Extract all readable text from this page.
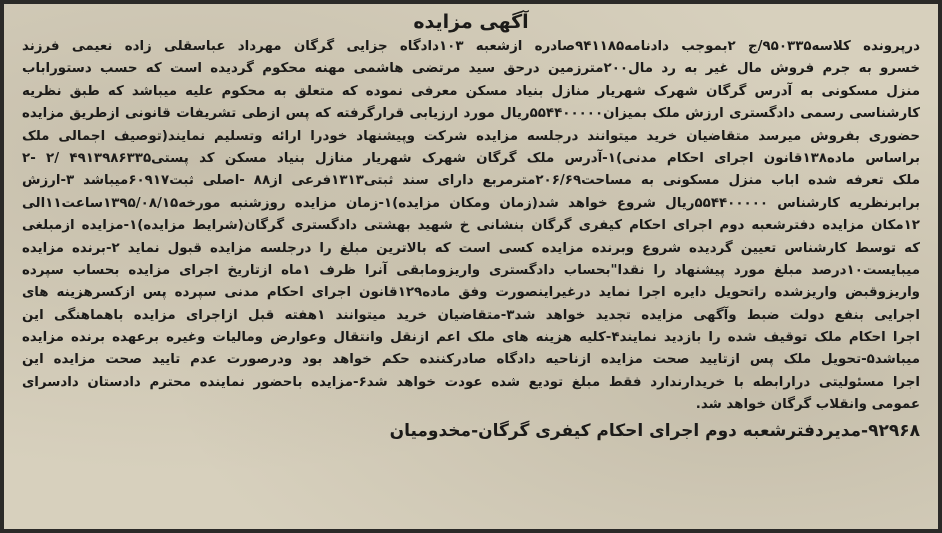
آگهی مزایده
درپرونده کلاسه۹۵۰۳۳۵/ج ۲بموجب دادنامه۹۴۱۱۸۵صادره ازشعبه ۱۰۳دادگاه جزایی گرگان مهرداد عباسقلی زاده نعیمی فرزند
خسرو به جرم فروش مال غیر به رد مال۲۰۰مترزمین درحق سید مرتضی هاشمی مهنه محکوم گردیده است که حسب دستوراباب
منزل مسکونی به آدرس گرگان شهرک شهریار منازل بنیاد مسکن معرفی نموده که متعلق به محکوم علیه میباشد که طبق نظریه
کارشناسی رسمی دادگستری ارزش ملک بمیزان۵۵۴۴۰۰۰۰۰ریال مورد ارزیابی قرارگرفته که پس ازطی تشریفات قانونی ازطریق مزایده
حضوری بفروش میرسد متقاضیان خرید میتوانند درجلسه مزایده شرکت وپیشنهاد خودرا ارائه وتسلیم نمایند(توصیف اجمالی ملک
براساس ماده۱۳۸قانون اجرای احکام مدنی)۱-آدرس ملک گرگان شهرک شهریار منازل بنیاد مسکن کد پستی۴۹۱۳۹۸۶۳۳۵ /۲ -۲
ملک تعرفه شده اباب منزل مسکونی به مساحت۲۰۶/۶۹مترمربع دارای سند ثبتی۱۳۱۳فرعی از۸۸ -اصلی ثبت۶۰۹۱۷میباشد ۳-ارزش
برابرنظریه کارشناس ۵۵۴۴۰۰۰۰۰ریال شروع خواهد شد(زمان ومکان مزایده)۱-زمان مزایده روزشنبه مورخه۱۳۹۵/۰۸/۱۵ساعت۱۱الی
۱۲مکان مزایده دفترشعبه دوم اجرای احکام کیفری گرگان بنشانی خ شهید بهشتی دادگستری گرگان(شرایط مزایده)۱-مزایده ازمبلغی
که توسط کارشناس تعیین گردیده شروع وبرنده مزایده کسی است که بالاترین مبلغ را درجلسه مزایده قبول نماید ۲-برنده مزایده
میبایست۱۰درصد مبلغ مورد پیشنهاد را نقدا"بحساب دادگستری واریزومابقی آنرا ظرف ۱ماه ازتاریخ اجرای مزایده بحساب سپرده
واریزوقبض واریزشده راتحویل دایره اجرا نماید درغیراینصورت وفق ماده۱۲۹قانون اجرای احکام مدنی سپرده پس ازکسرهزینه های
اجرایی بنفع دولت ضبط وآگهی مزایده تجدید خواهد شد۳-متقاضیان خرید میتوانند ۱هفته قبل ازاجرای مزایده باهماهنگی این
اجرا احکام ملک توقیف شده را بازدید نمایند۴-کلیه هزینه های ملک اعم ازنقل وانتقال وعوارض ومالیات وغیره برعهده برنده مزایده
میباشد۵-تحویل ملک پس ازتایید صحت مزایده ازناحیه دادگاه صادرکننده حکم خواهد بود ودرصورت عدم تایید صحت مزایده این
اجرا مسئولیتی درارابطه با خریدارندارد فقط مبلغ تودیع شده عودت خواهد شد۶-مزایده باحضور نماینده محترم دادستان دادسرای
عمومی وانقلاب گرگان خواهد شد.
۹۲۹۶۸-مدیردفترشعبه دوم اجرای احکام کیفری گرگان-مخدومیان
